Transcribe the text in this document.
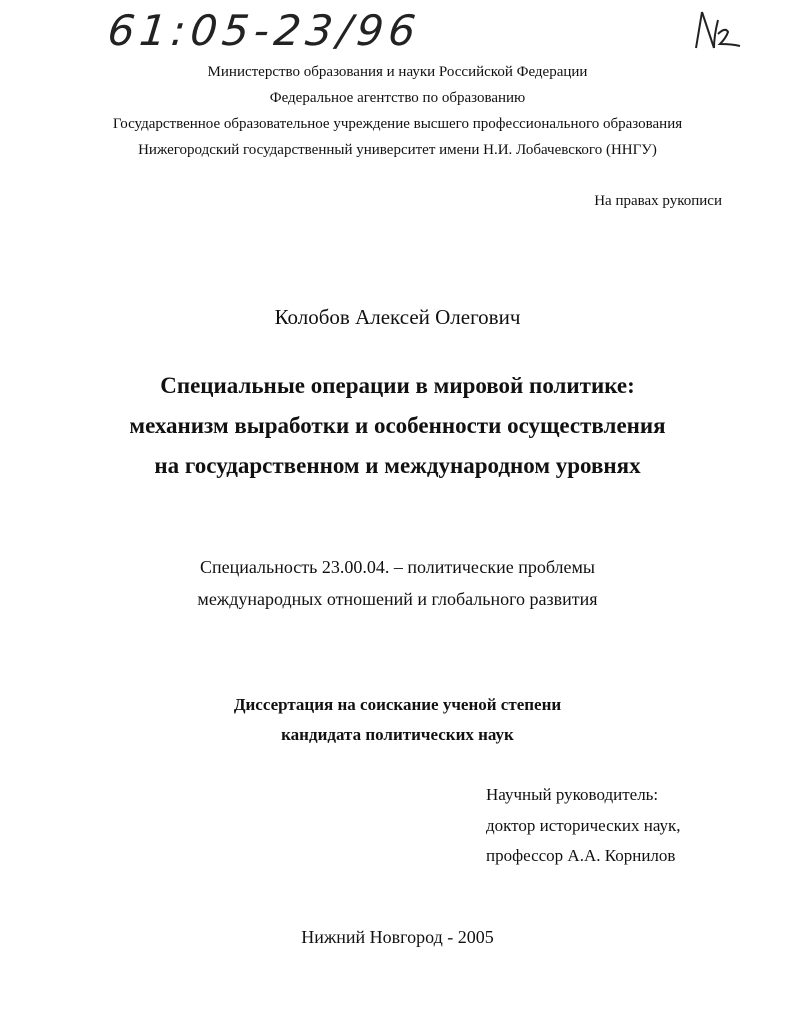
61:05-23/96
Министерство образования и науки Российской Федерации
Федеральное агентство по образованию
Государственное образовательное учреждение высшего профессионального образования
Нижегородский государственный университет имени Н.И. Лобачевского (ННГУ)
На правах рукописи
Колобов Алексей Олегович
Специальные операции в мировой политике:
механизм выработки и особенности осуществления
на государственном и международном уровнях
Специальность 23.00.04. – политические проблемы
международных отношений и глобального развития
Диссертация на соискание ученой степени
кандидата политических наук
Научный руководитель:
доктор исторических наук,
профессор А.А. Корнилов
Нижний Новгород - 2005
